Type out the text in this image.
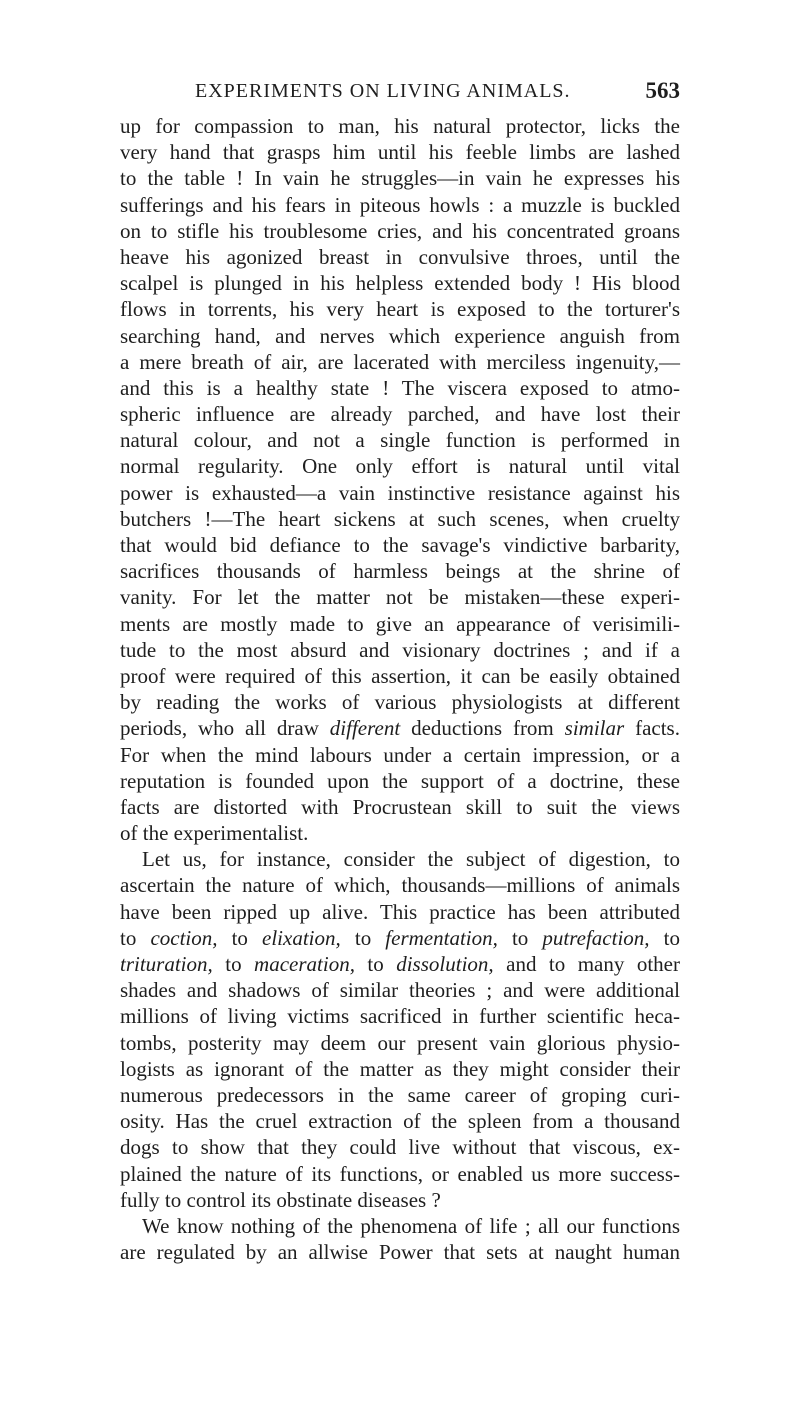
EXPERIMENTS ON LIVING ANIMALS.	563
up for compassion to man, his natural protector, licks the
very hand that grasps him until his feeble limbs are lashed
to the table ! In vain he struggles—in vain he expresses his
sufferings and his fears in piteous howls : a muzzle is buckled
on to stifle his troublesome cries, and his concentrated groans
heave his agonized breast in convulsive throes, until the
scalpel is plunged in his helpless extended body ! His blood
flows in torrents, his very heart is exposed to the torturer's
searching hand, and nerves which experience anguish from
a mere breath of air, are lacerated with merciless ingenuity,—
and this is a healthy state ! The viscera exposed to atmo-
spheric influence are already parched, and have lost their
natural colour, and not a single function is performed in
normal regularity. One only effort is natural until vital
power is exhausted—a vain instinctive resistance against his
butchers !—The heart sickens at such scenes, when cruelty
that would bid defiance to the savage's vindictive barbarity,
sacrifices thousands of harmless beings at the shrine of
vanity. For let the matter not be mistaken—these experi-
ments are mostly made to give an appearance of verisimili-
tude to the most absurd and visionary doctrines ; and if a
proof were required of this assertion, it can be easily obtained
by reading the works of various physiologists at different
periods, who all draw different deductions from similar facts.
For when the mind labours under a certain impression, or a
reputation is founded upon the support of a doctrine, these
facts are distorted with Procrustean skill to suit the views
of the experimentalist.
Let us, for instance, consider the subject of digestion, to
ascertain the nature of which, thousands—millions of animals
have been ripped up alive. This practice has been attributed
to coction, to elixation, to fermentation, to putrefaction, to
trituration, to maceration, to dissolution, and to many other
shades and shadows of similar theories ; and were additional
millions of living victims sacrificed in further scientific heca-
tombs, posterity may deem our present vain glorious physio-
logists as ignorant of the matter as they might consider their
numerous predecessors in the same career of groping curi-
osity. Has the cruel extraction of the spleen from a thousand
dogs to show that they could live without that viscous, ex-
plained the nature of its functions, or enabled us more success-
fully to control its obstinate diseases ?
We know nothing of the phenomena of life ; all our functions
are regulated by an allwise Power that sets at naught human
